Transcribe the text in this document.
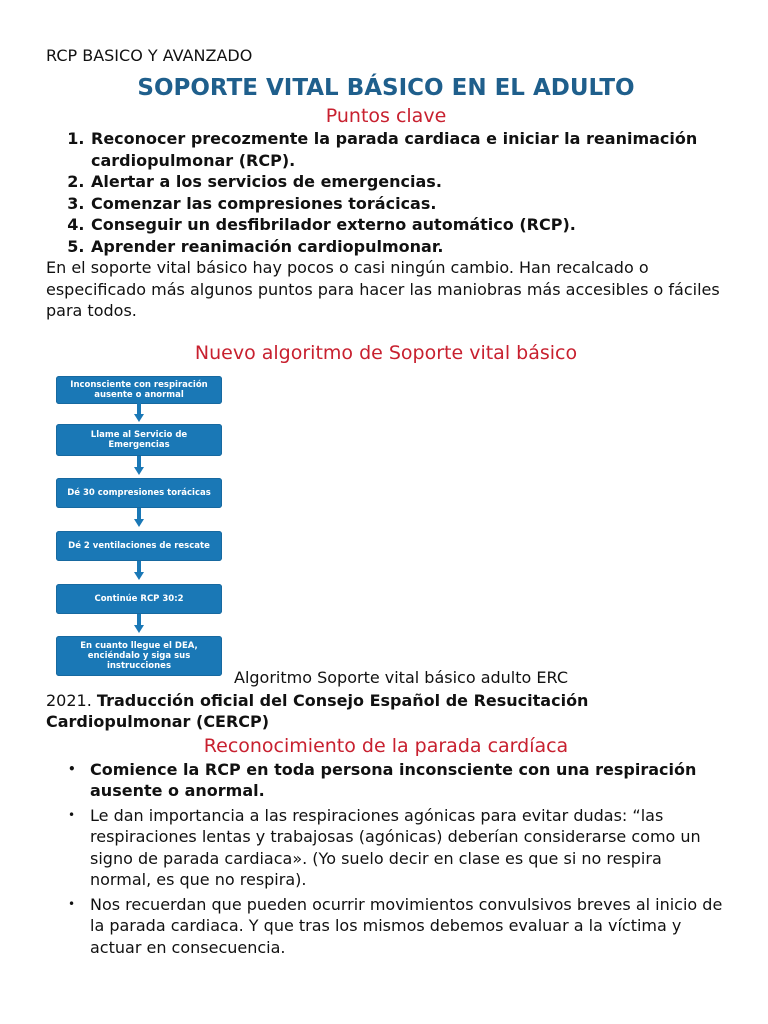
RCP BASICO Y AVANZADO

SOPORTE VITAL BÁSICO EN EL ADULTO
Puntos clave
1. Reconocer precozmente la parada cardiaca e iniciar la reanimación cardiopulmonar (RCP).
2. Alertar a los servicios de emergencias.
3. Comenzar las compresiones torácicas.
4. Conseguir un desfibrilador externo automático (RCP).
5. Aprender reanimación cardiopulmonar.

En el soporte vital básico hay pocos o casi ningún cambio. Han recalcado o especificado más algunos puntos para hacer las maniobras más accesibles o fáciles para todos.

Nuevo algoritmo de Soporte vital básico
Inconsciente con respiración ausente o anormal
Llame al Servicio de Emergencias
Dé 30 compresiones torácicas
Dé 2 ventilaciones de rescate
Continúe RCP 30:2
En cuanto llegue el DEA, enciéndalo y siga sus instrucciones
Algoritmo Soporte vital básico adulto ERC

2021. Traducción oficial del Consejo Español de Resucitación Cardiopulmonar (CERCP)

Reconocimiento de la parada cardíaca
• Comience la RCP en toda persona inconsciente con una respiración ausente o anormal.
• Le dan importancia a las respiraciones agónicas para evitar dudas: “las respiraciones lentas y trabajosas (agónicas) deberían considerarse como un signo de parada cardiaca». (Yo suelo decir en clase es que si no respira normal, es que no respira).
• Nos recuerdan que pueden ocurrir movimientos convulsivos breves al inicio de la parada cardiaca. Y que tras los mismos debemos evaluar a la víctima y actuar en consecuencia.
